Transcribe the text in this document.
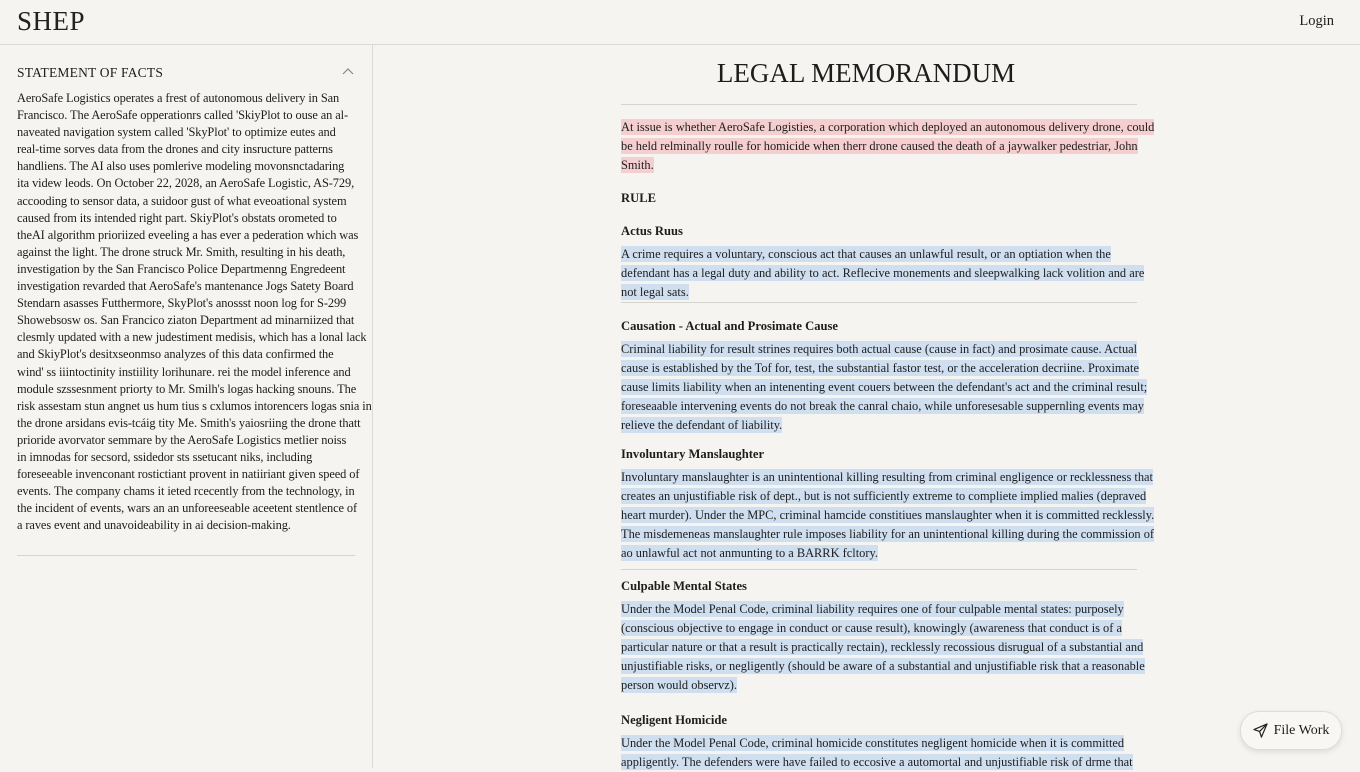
SHEP	Login
STATEMENT OF FACTS
AeroSafe Logistics operates a frest of autonomous delivery in San
Francisco. The AeroSafe opperationrs called 'SkiyPlot to ouse an al-
naveated navigation system called 'SkyPlot' to optimize eutes and
real-time sorves data from the drones and city insructure patterns
handliens. The AI also uses pomlerive modeling movonsnctadaring
ita videw leods. On October 22, 2028, an AeroSafe Logistic, AS-729,
accooding to sensor data, a suidoor gust of what eveoational system
caused from its intended right part. SkiyPlot's obstats orometed to
theAI algorithm prioriized eveeling a has ever a pederation which was
against the light. The drone struck Mr. Smith, resulting in his death,
investigation by the San Francisco Police Departmenng Engredeent
investigation revarded that AeroSafe's mantenance Jogs Satety Board
Stendarn asasses Futthermore, SkyPlot's anossst noon log for S-299
Showebsosw os. San Francico ziaton Department ad minarniized that
clesmly updated with a new judestiment medisis, which has a lonal lack
and SkiyPlot's desitxseonmso analyzes of this data confirmed the
wind' ss iiintoctinity instiility lorihunare. rei the model inference and
module szssesnment priorty to Mr. Smilh's logas hacking snouns. The
risk assestam stun angnet us hum tius s cxlumos intorencers logas snia in
the drone arsidans evis-tcáig tity Me. Smith's yaiosriing the drone thatt
prioride avorvator semmare by the AeroSafe Logistics metlier noiss
in imnodas for secsord, ssidedor sts ssetucant niks, including
foreseeable invenconant rostictiant provent in natiiriant given speed of
events. The company chams it ieted rcecently from the technology, in
the incident of events, wars an an unforeeseable aceetent stentlence of
a raves event and unavoideability in ai decision-making.
LEGAL MEMORANDUM
At issue is whether AeroSafe Logisties, a corporation which deployed an autonomous delivery drone, could
be held relminally roulle for homicide when therr drone caused the death of a jaywalker pedestriar, John
Smith.
RULE
Actus Ruus
A crime requires a voluntary, conscious act that causes an unlawful result, or an optiation when the
defendant has a legal duty and ability to act. Reflecive monements and sleepwalking lack volition and are
not legal sats.
Causation - Actual and Prosimate Cause
Criminal liability for result strines requires both actual cause (cause in fact) and prosimate cause. Actual
cause is established by the Tof for, test, the substantial fastor test, or the acceleration decriine. Proximate
cause limits liability when an intenenting event couers between the defendant's act and the criminal result;
foreseaable intervening events do not break the canral chaio, while unforesesable suppernling events may
relieve the defendant of liability.
Involuntary Manslaughter
Involuntary manslaughter is an unintentional killing resulting from criminal engligence or recklessness that
creates an unjustifiable risk of dept., but is not sufficiently extreme to compliete implied malies (depraved
heart murder). Under the MPC, criminal hamcide constitiues manslaughter when it is committed recklessly.
The misdemeneas manslaughter rule imposes liability for an unintentional killing during the commission of
ao unlawful act not anmunting to a BARRK fcltory.
Culpable Mental States
Under the Model Penal Code, criminal liability requires one of four culpable mental states: purposely
(conscious objective to engage in conduct or cause result), knowingly (awareness that conduct is of a
particular nature or that a result is practically rectain), recklessly recossious disrugual of a substantial and
unjustifiable risks, or negligently (should be aware of a substantial and unjustifiable risk that a reasonable
person would observz).
Negligent Homicide
Under the Model Penal Code, criminal homicide constitutes negligent homicide when it is committed
appligently. The defenders were have failed to eccosive a automortal and unjustifiable risk of drme that
File Work
